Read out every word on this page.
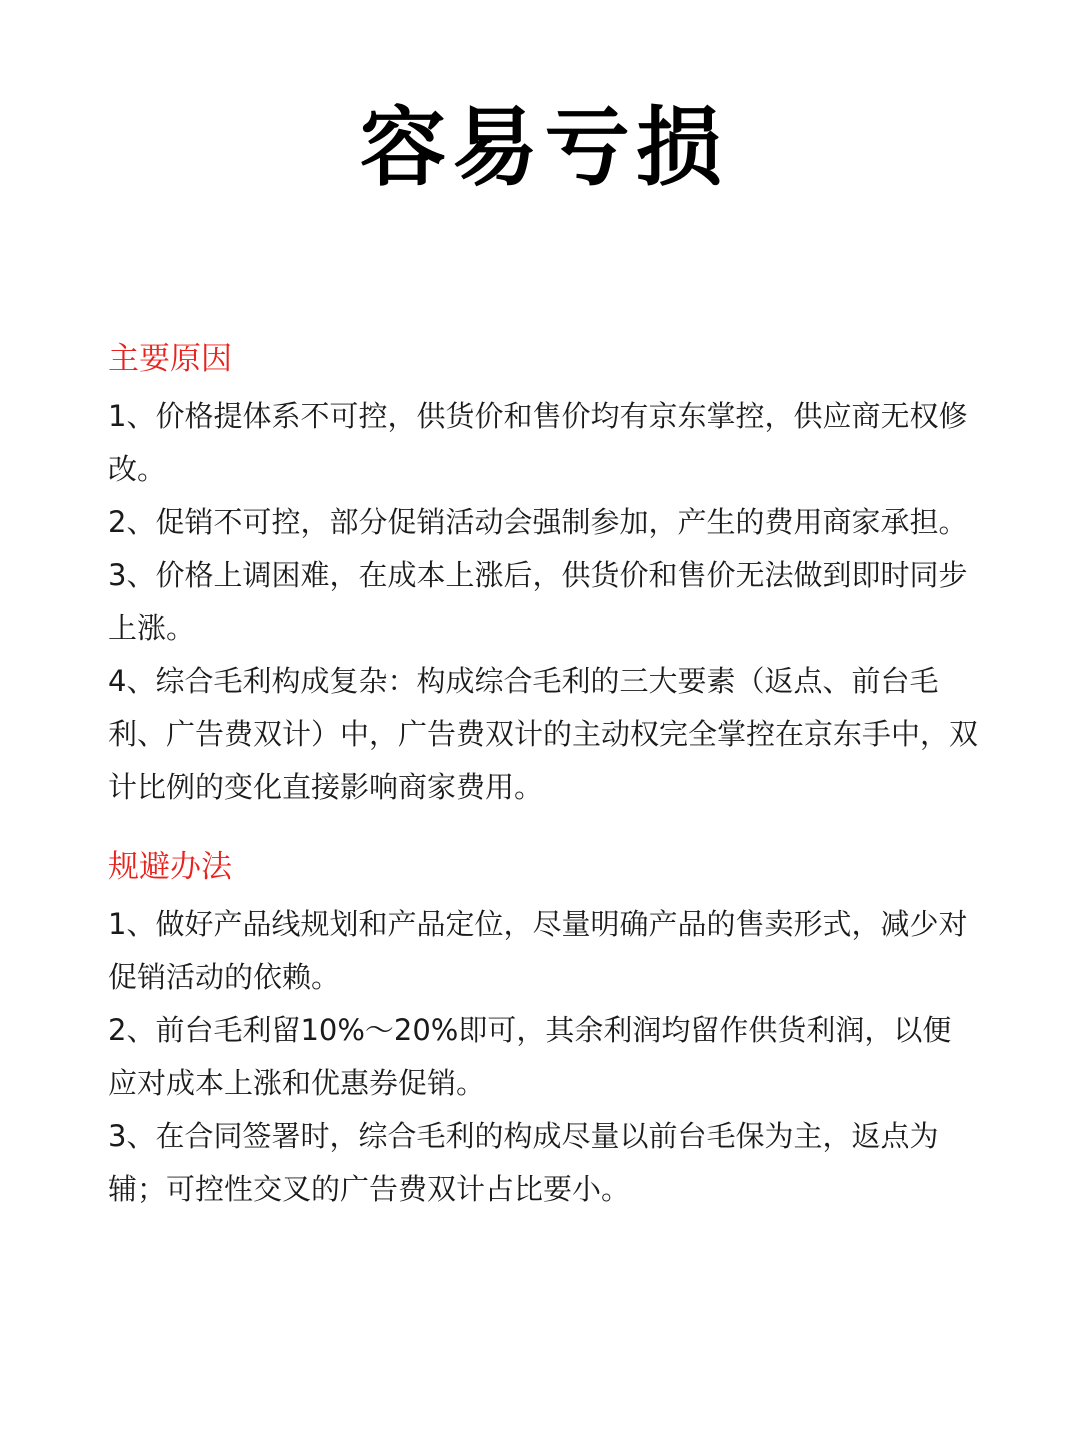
容易亏损
主要原因
1、价格提体系不可控，供货价和售价均有京东掌控，供应商无权修改。
2、促销不可控，部分促销活动会强制参加，产生的费用商家承担。
3、价格上调困难，在成本上涨后，供货价和售价无法做到即时同步上涨。
4、综合毛利构成复杂：构成综合毛利的三大要素（返点、前台毛利、广告费双计）中，广告费双计的主动权完全掌控在京东手中，双计比例的变化直接影响商家费用。
规避办法
1、做好产品线规划和产品定位，尽量明确产品的售卖形式，减少对促销活动的依赖。
2、前台毛利留10%～20%即可，其余利润均留作供货利润，以便应对成本上涨和优惠券促销。
3、在合同签署时，综合毛利的构成尽量以前台毛保为主，返点为辅；可控性交叉的广告费双计占比要小。
